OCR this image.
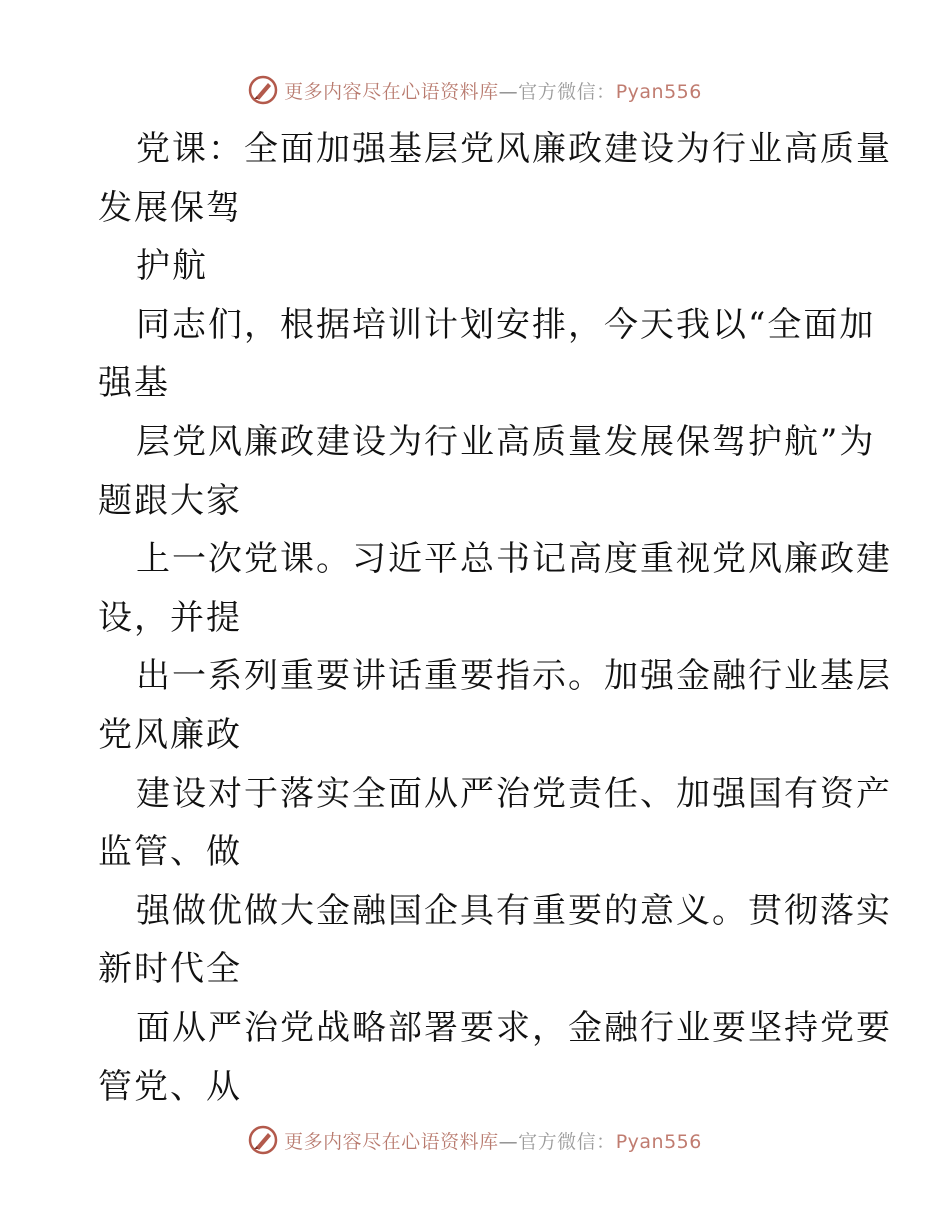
更多内容尽在心语资料库—官方微信：Pyan556
党课：全面加强基层党风廉政建设为行业高质量
发展保驾
护航
同志们，根据培训计划安排，今天我以“全面加
强基
层党风廉政建设为行业高质量发展保驾护航”为
题跟大家
上一次党课。习近平总书记高度重视党风廉政建
设，并提
出一系列重要讲话重要指示。加强金融行业基层
党风廉政
建设对于落实全面从严治党责任、加强国有资产
监管、做
强做优做大金融国企具有重要的意义。贯彻落实
新时代全
面从严治党战略部署要求，金融行业要坚持党要
管党、从
更多内容尽在心语资料库—官方微信：Pyan556
